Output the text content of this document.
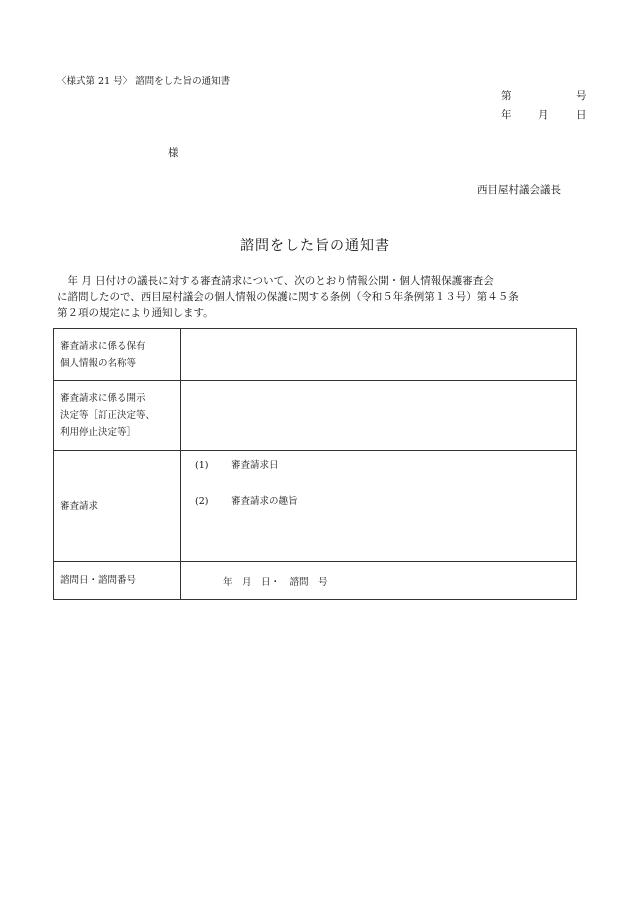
〈様式第 21 号〉 諮問をした旨の通知書
第	号
年	月	日
様
西目屋村議会議長
諮問をした旨の通知書

　年 月 日付けの議長に対する審査請求について、次のとおり情報公開・個人情報保護審査会

に諮問したので、西目屋村議会の個人情報の保護に関する条例（令和５年条例第１３号）第４５条

第２項の規定により通知します。

審査請求に係る保有
個人情報の名称等	

審査請求に係る開示
決定等［訂正決定等、
利用停止決定等］	

審査請求	(1) 審査請求日
(2) 審査請求の趣旨

諮問日・諮問番号	年　月　日・　諮問　号
